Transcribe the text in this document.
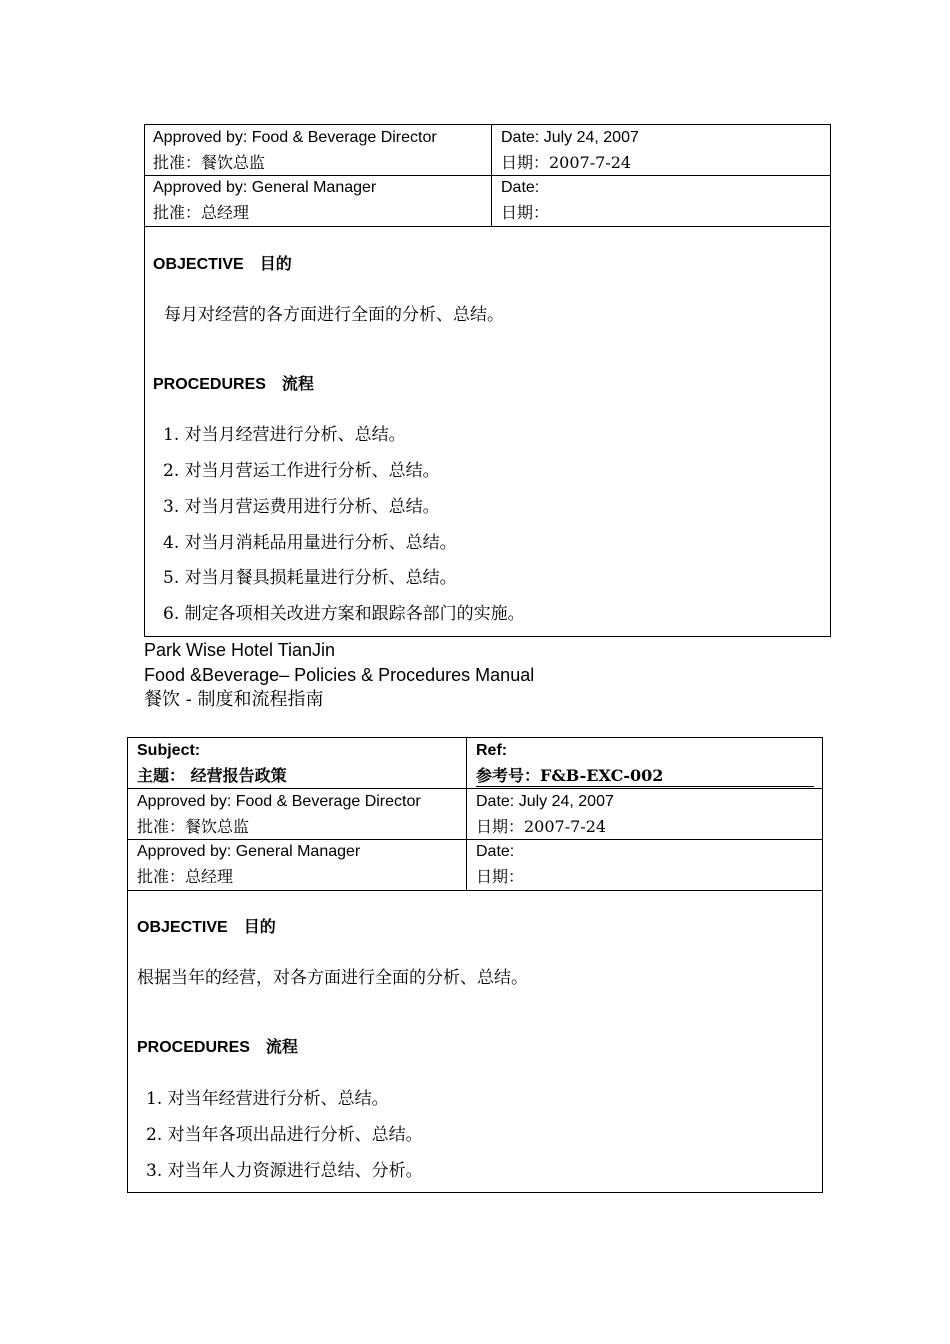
Approved by: Food & Beverage Director
批准：餐饮总监
Date: July 24, 2007
日期：2007-7-24
Approved by: General Manager
批准：总经理
Date:
日期：
OBJECTIVE　目的
每月对经营的各方面进行全面的分析、总结。
PROCEDURES　流程
1. 对当月经营进行分析、总结。
2. 对当月营运工作进行分析、总结。
3. 对当月营运费用进行分析、总结。
4. 对当月消耗品用量进行分析、总结。
5. 对当月餐具损耗量进行分析、总结。
6. 制定各项相关改进方案和跟踪各部门的实施。
Park Wise Hotel TianJin
Food &Beverage– Policies & Procedures Manual
餐饮 - 制度和流程指南
Subject:
主题： 经营报告政策
Ref:
参考号：F&B-EXC-002
Approved by: Food & Beverage Director
批准：餐饮总监
Date: July 24, 2007
日期：2007-7-24
Approved by: General Manager
批准：总经理
Date:
日期：
OBJECTIVE　目的
根据当年的经营，对各方面进行全面的分析、总结。
PROCEDURES　流程
1. 对当年经营进行分析、总结。
2. 对当年各项出品进行分析、总结。
3. 对当年人力资源进行总结、分析。
